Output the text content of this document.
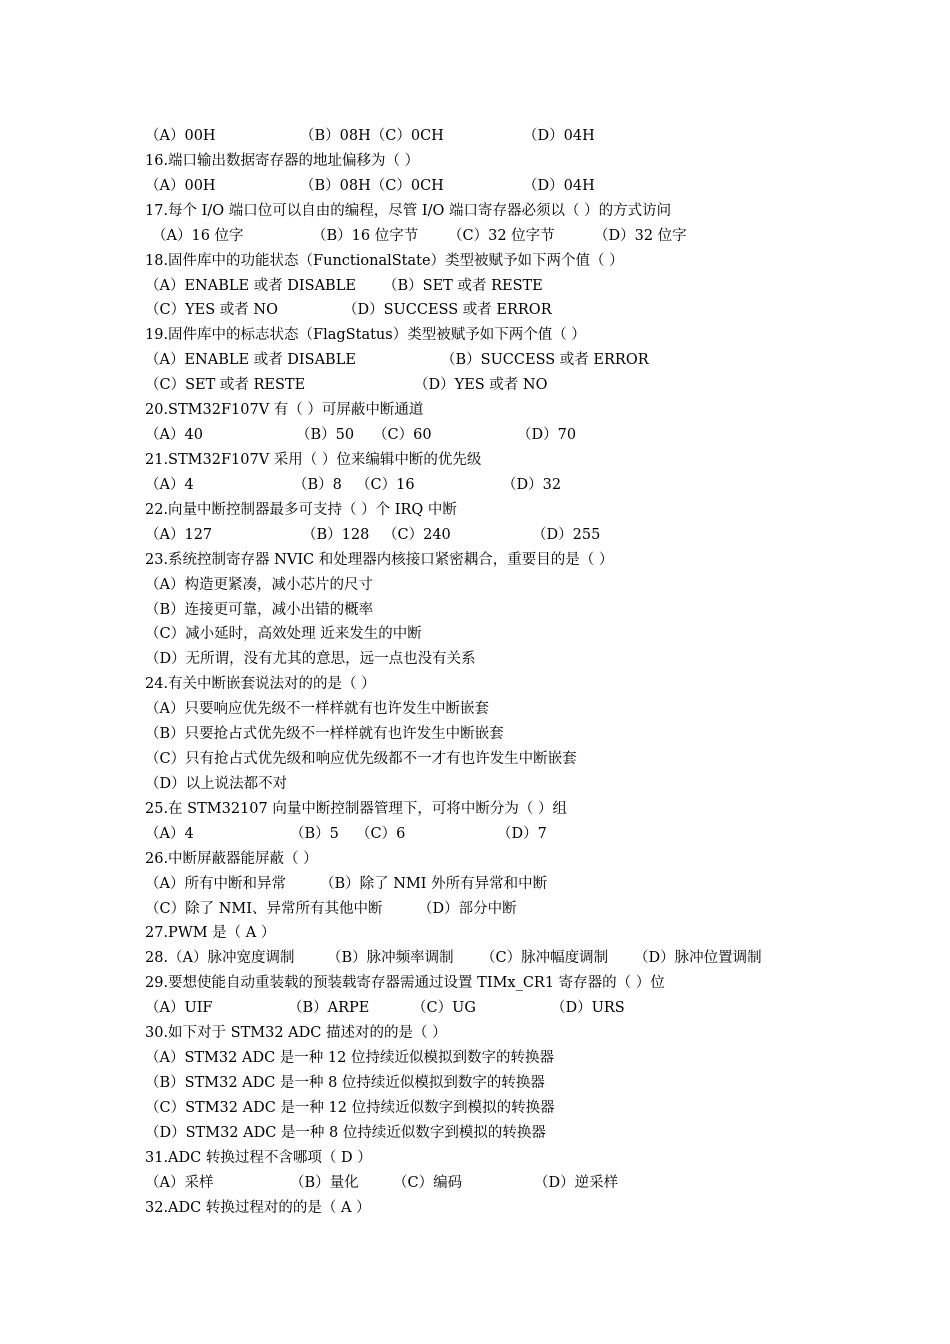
（A）00H	（B）08H（C）0CH	（D）04H
16.端口输出数据寄存器的地址偏移为（ ）
（A）00H	（B）08H（C）0CH	（D）04H
17.每个 I/O 端口位可以自由的编程，尽管 I/O 端口寄存器必须以（ ）的方式访问
（A）16 位字	（B）16 位字节 （C）32 位字节	（D）32 位字
18.固件库中的功能状态（FunctionalState）类型被赋予如下两个值（ ）
（A）ENABLE 或者 DISABLE （B）SET 或者 RESTE
（C）YES 或者 NO	（D）SUCCESS 或者 ERROR
19.固件库中的标志状态（FlagStatus）类型被赋予如下两个值（ ）
（A）ENABLE 或者 DISABLE	（B）SUCCESS 或者 ERROR
（C）SET 或者 RESTE	（D）YES 或者 NO
20.STM32F107V 有（ ）可屏蔽中断通道
（A）40	（B）50 （C）60	（D）70
21.STM32F107V 采用（ ）位来编辑中断的优先级
（A）4	（B）8 （C）16	（D）32
22.向量中断控制器最多可支持（ ）个 IRQ 中断
（A）127	（B）128 （C）240	（D）255
23.系统控制寄存器 NVIC 和处理器内核接口紧密耦合，重要目的是（ ）
（A）构造更紧凑，减小芯片的尺寸
（B）连接更可靠，减小出错的概率
（C）减小延时，高效处理 近来发生的中断
（D）无所谓，没有尤其的意思，远一点也没有关系
24.有关中断嵌套说法对的的是（ ）
（A）只要响应优先级不一样样就有也许发生中断嵌套
（B）只要抢占式优先级不一样样就有也许发生中断嵌套
（C）只有抢占式优先级和响应优先级都不一才有也许发生中断嵌套
（D）以上说法都不对
25.在 STM32107 向量中断控制器管理下，可将中断分为（ ）组
（A）4	（B）5 （C）6	（D）7
26.中断屏蔽器能屏蔽（ ）
（A）所有中断和异常 （B）除了 NMI 外所有异常和中断
（C）除了 NMI、异常所有其他中断 （D）部分中断
27.PWM 是（ A ）
28.（A）脉冲宽度调制 （B）脉冲频率调制 （C）脉冲幅度调制 （D）脉冲位置调制
29.要想使能自动重装载的预装载寄存器需通过设置 TIMx_CR1 寄存器的（ ）位
（A）UIF	（B）ARPE	（C）UG	（D）URS
30.如下对于 STM32 ADC 描述对的的是（ ）
（A）STM32 ADC 是一种 12 位持续近似模拟到数字的转换器
（B）STM32 ADC 是一种 8 位持续近似模拟到数字的转换器
（C）STM32 ADC 是一种 12 位持续近似数字到模拟的转换器
（D）STM32 ADC 是一种 8 位持续近似数字到模拟的转换器
31.ADC 转换过程不含哪项（ D ）
（A）采样	（B）量化 （C）编码	（D）逆采样
32.ADC 转换过程对的的是（ A ）
